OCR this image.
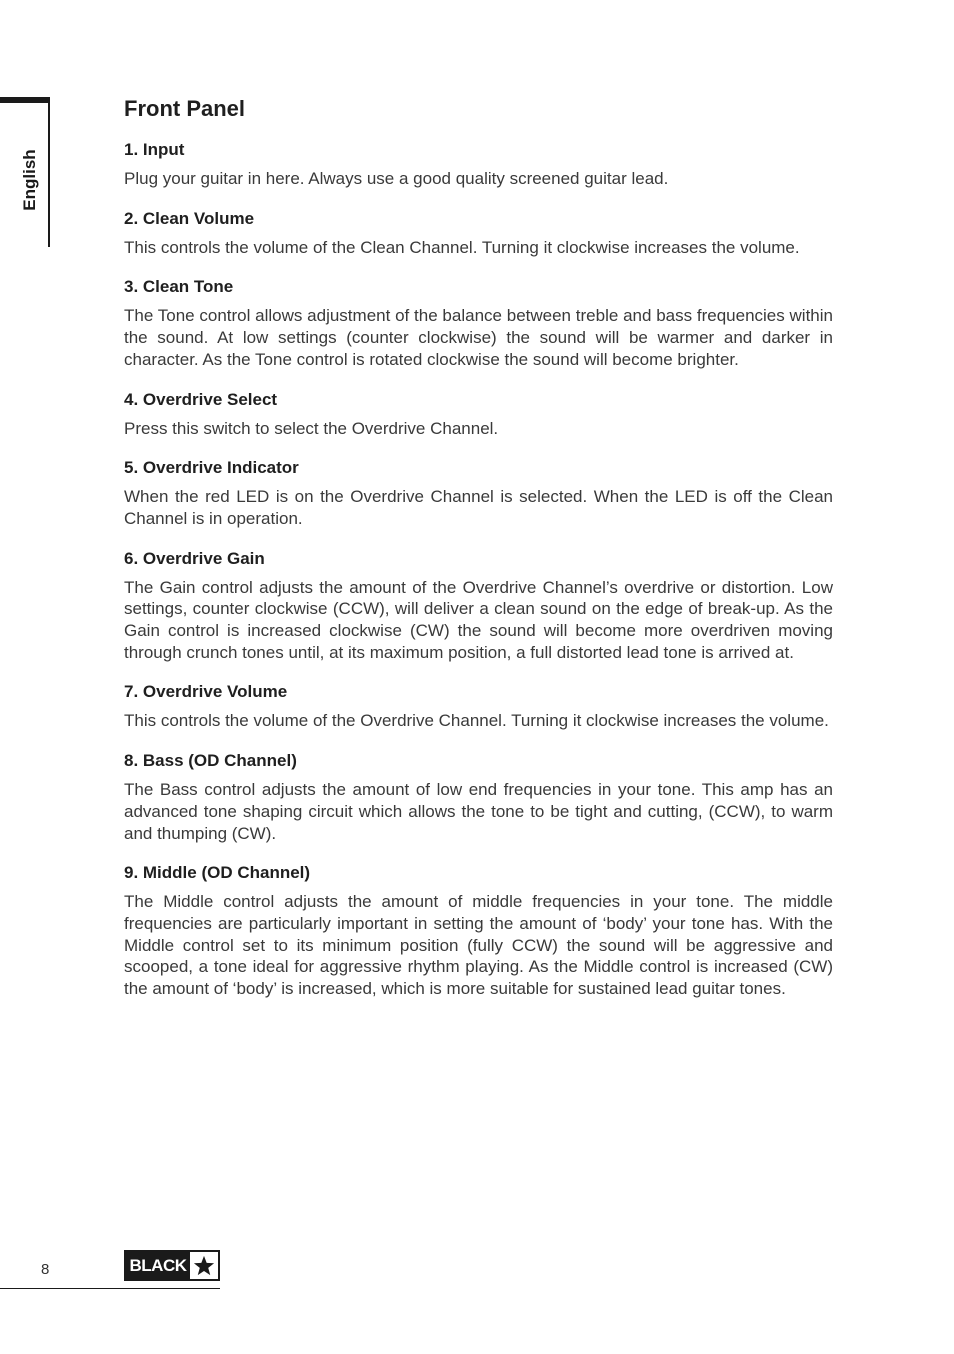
English
Front Panel
1. Input

Plug your guitar in here. Always use a good quality screened guitar lead.

2. Clean Volume

This controls the volume of the Clean Channel. Turning it clockwise increases the volume.

3. Clean Tone

The Tone control allows adjustment of the balance between treble and bass frequencies within the sound. At low settings (counter clockwise) the sound will be warmer and darker in character. As the Tone control is rotated clockwise the sound will become brighter.

4. Overdrive Select

Press this switch to select the Overdrive Channel.

5. Overdrive Indicator

When the red LED is on the Overdrive Channel is selected. When the LED is off the Clean Channel is in operation.

6. Overdrive Gain

The Gain control adjusts the amount of the Overdrive Channel’s overdrive or distortion. Low settings, counter clockwise (CCW), will deliver a clean sound on the edge of break-up. As the Gain control is increased clockwise (CW) the sound will become more overdriven moving through crunch tones until, at its maximum position, a full distorted lead tone is arrived at.

7. Overdrive Volume

This controls the volume of the Overdrive Channel. Turning it clockwise increases the volume.

8. Bass (OD Channel)

The Bass control adjusts the amount of low end frequencies in your tone. This amp has an advanced tone shaping circuit which allows the tone to be tight and cutting, (CCW), to warm and thumping (CW).

9. Middle (OD Channel)

The Middle control adjusts the amount of middle frequencies in your tone. The middle frequencies are particularly important in setting the amount of ‘body’ your tone has. With the Middle control set to its minimum position (fully CCW) the sound will be aggressive and scooped, a tone ideal for aggressive rhythm playing. As the Middle control is increased (CW) the amount of ‘body’ is increased, which is more suitable for sustained lead guitar tones.

8	BLACK
